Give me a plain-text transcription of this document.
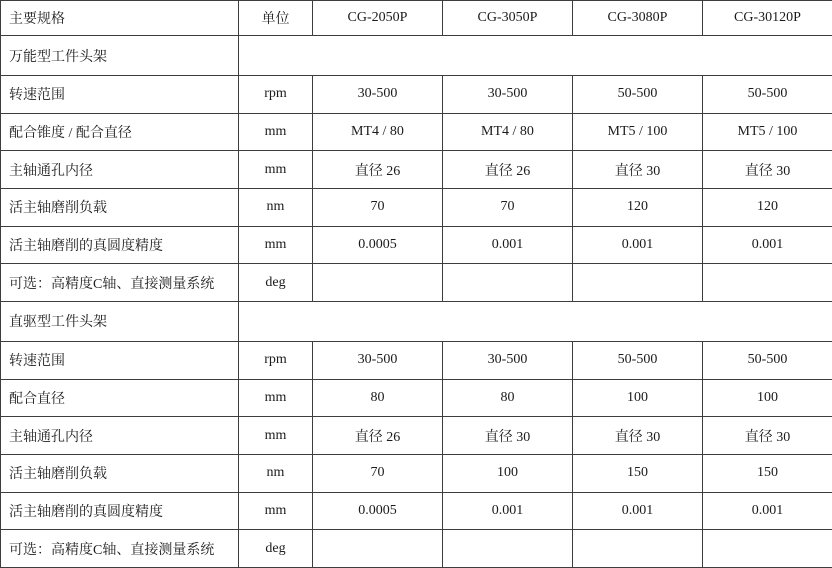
主要规格	单位	CG-2050P	CG-3050P	CG-3080P	CG-30120P
万能型工件头架					
转速范围	rpm	30-500	30-500	50-500	50-500
配合锥度 / 配合直径	mm	MT4 / 80	MT4 / 80	MT5 / 100	MT5 / 100
主轴通孔内径	mm	直径 26	直径 26	直径 30	直径 30
活主轴磨削负载	nm	70	70	120	120
活主轴磨削的真圆度精度	mm	0.0005	0.001	0.001	0.001
可选：高精度C轴、直接测量系统	deg				
直驱型工件头架					
转速范围	rpm	30-500	30-500	50-500	50-500
配合直径	mm	80	80	100	100
主轴通孔内径	mm	直径 26	直径 30	直径 30	直径 30
活主轴磨削负载	nm	70	100	150	150
活主轴磨削的真圆度精度	mm	0.0005	0.001	0.001	0.001
可选：高精度C轴、直接测量系统	deg				
